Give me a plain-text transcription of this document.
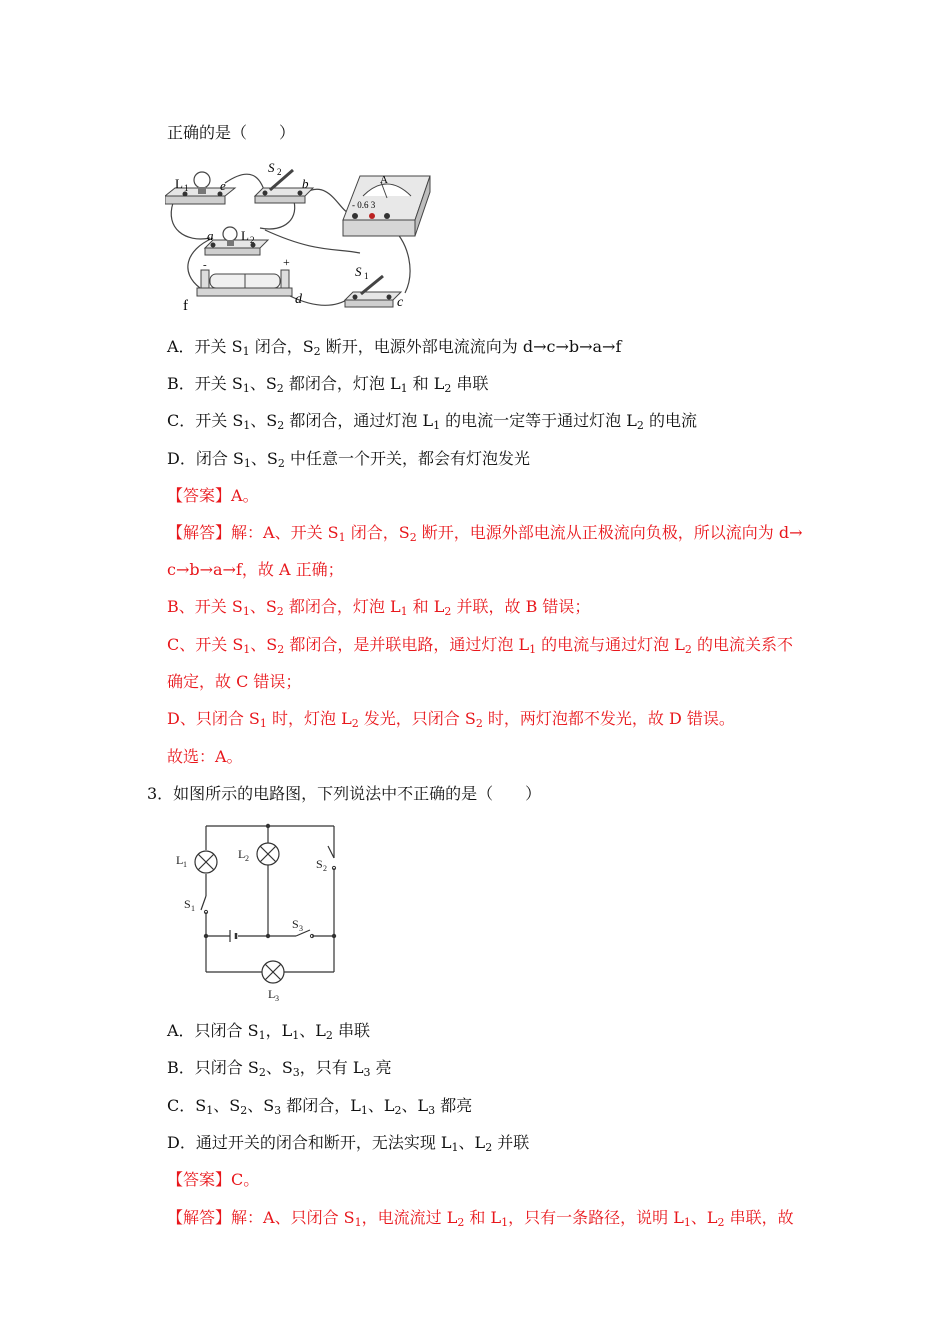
正确的是（　　）
L 1 e
S 2
b	A
- 0.6 3
a L 2
-	+
f	d
S 1
c
A．开关 $S_1$ 闭合，$S_2$ 断开，电源外部电流流向为 d→c→b→a→f
B．开关 $S_1$、$S_2$ 都闭合，灯泡 $L_1$ 和 $L_2$ 串联
C．开关 $S_1$、$S_2$ 都闭合，通过灯泡 $L_1$ 的电流一定等于通过灯泡 $L_2$ 的电流
D．闭合 $S_1$、$S_2$ 中任意一个开关，都会有灯泡发光
【答案】A。
【解答】解：A、开关 $S_1$ 闭合，$S_2$ 断开，电源外部电流从正极流向负极，所以流向为 d→
c→b→a→f，故 A 正确；
B、开关 $S_1$、$S_2$ 都闭合，灯泡 $L_1$ 和 $L_2$ 并联，故 B 错误；
C、开关 $S_1$、$S_2$ 都闭合，是并联电路，通过灯泡 $L_1$ 的电流与通过灯泡 $L_2$ 的电流关系不
确定，故 C 错误；
D、只闭合 $S_1$ 时，灯泡 $L_2$ 发光，只闭合 $S_2$ 时，两灯泡都不发光，故 D 错误。
故选：A。
3．如图所示的电路图，下列说法中不正确的是（　　）
L 1
L 2
L 3
S 1
S 2
S 3
A．只闭合 $S_1$，$L_1$、$L_2$ 串联
B．只闭合 $S_2$、$S_3$，只有 $L_3$ 亮
C．$S_1$、$S_2$、$S_3$ 都闭合，$L_1$、$L_2$、$L_3$ 都亮
D．通过开关的闭合和断开，无法实现 $L_1$、$L_2$ 并联
【答案】C。
【解答】解：A、只闭合 $S_1$，电流流过 $L_2$ 和 $L_1$，只有一条路径，说明 $L_1$、$L_2$ 串联，故
